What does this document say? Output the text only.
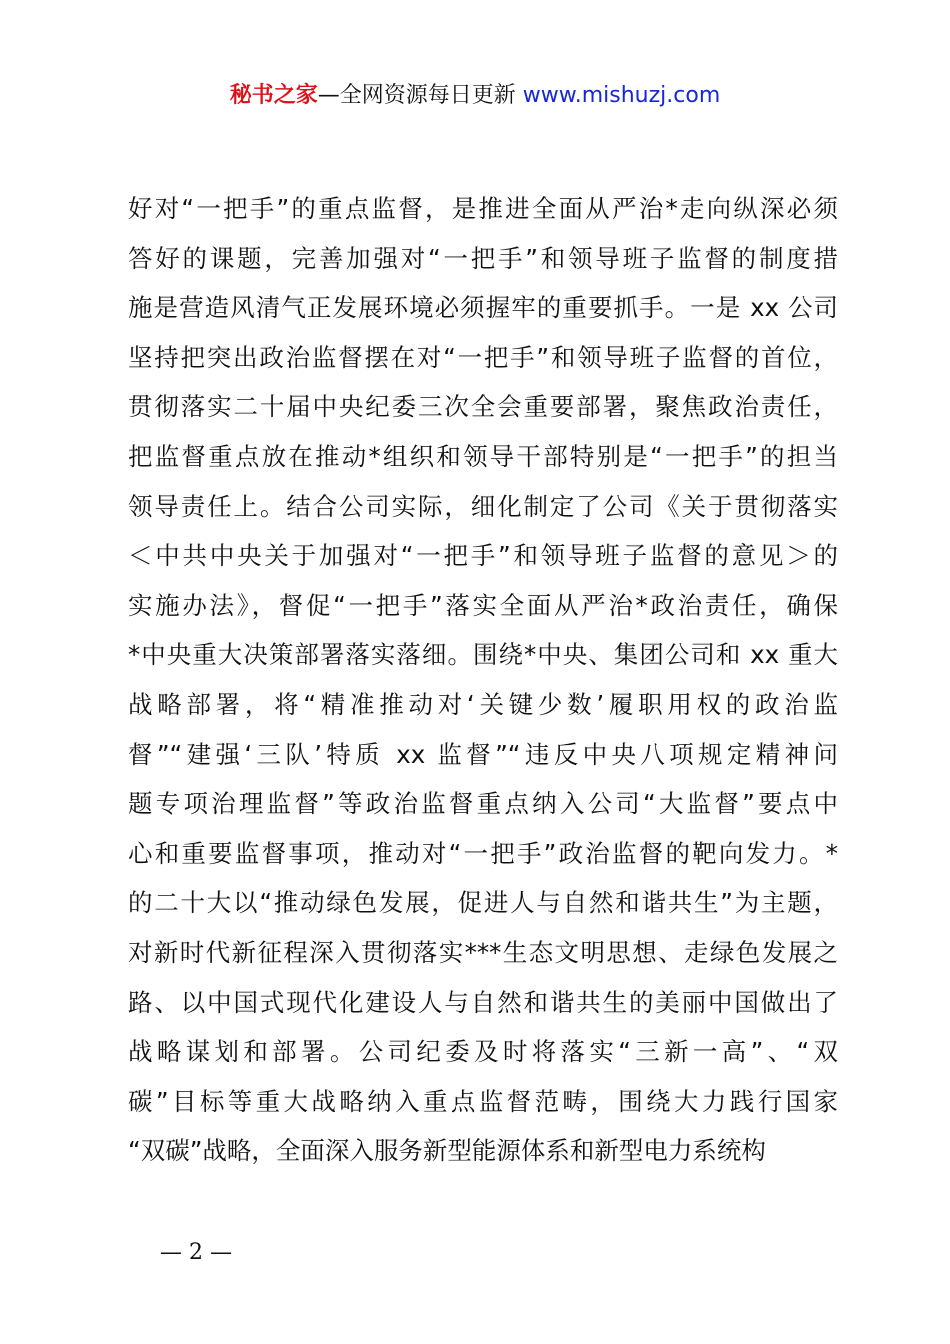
秘书之家—全网资源每日更新 www.mishuzj.com
好对“一把手”的重点监督，是推进全面从严治*走向纵深必须
答好的课题，完善加强对“一把手”和领导班子监督的制度措
施是营造风清气正发展环境必须握牢的重要抓手。一是 xx 公司
坚持把突出政治监督摆在对“一把手”和领导班子监督的首位，
贯彻落实二十届中央纪委三次全会重要部署，聚焦政治责任，
把监督重点放在推动*组织和领导干部特别是“一把手”的担当
领导责任上。结合公司实际，细化制定了公司《关于贯彻落实
＜中共中央关于加强对“一把手”和领导班子监督的意见＞的
实施办法》，督促“一把手”落实全面从严治*政治责任，确保
*中央重大决策部署落实落细。围绕*中央、集团公司和 xx 重大
战略部署，将“精准推动对‘关键少数’履职用权的政治监
督”“建强‘三队’特质 xx 监督”“违反中央八项规定精神问
题专项治理监督”等政治监督重点纳入公司“大监督”要点中
心和重要监督事项，推动对“一把手”政治监督的靶向发力。*
的二十大以“推动绿色发展，促进人与自然和谐共生”为主题，
对新时代新征程深入贯彻落实***生态文明思想、走绿色发展之
路、以中国式现代化建设人与自然和谐共生的美丽中国做出了
战略谋划和部署。公司纪委及时将落实“三新一高”、“双
碳”目标等重大战略纳入重点监督范畴，围绕大力践行国家
“双碳”战略，全面深入服务新型能源体系和新型电力系统构
— 2 —
